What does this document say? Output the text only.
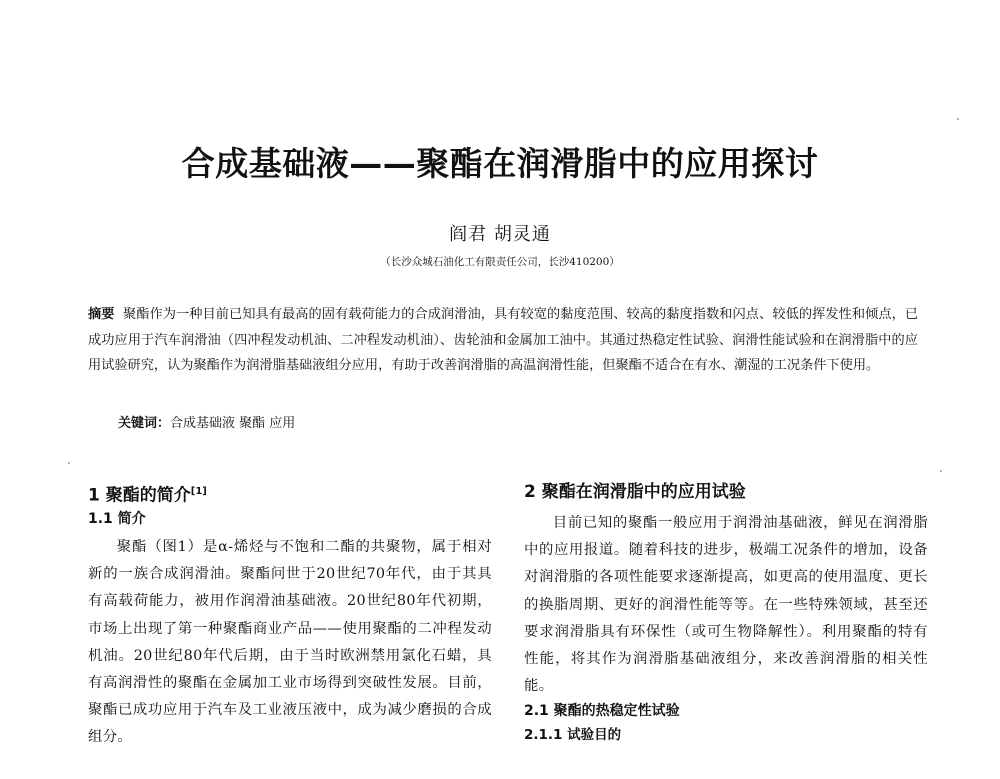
合成基础液——聚酯在润滑脂中的应用探讨
阎君 胡灵通
（长沙众城石油化工有限责任公司，长沙410200）

摘要 聚酯作为一种目前已知具有最高的固有载荷能力的合成润滑油，具有较宽的黏度范围、较高的黏度指数和闪点、较低的挥发性和倾点，已成功应用于汽车润滑油（四冲程发动机油、二冲程发动机油）、齿轮油和金属加工油中。其通过热稳定性试验、润滑性能试验和在润滑脂中的应用试验研究，认为聚酯作为润滑脂基础液组分应用，有助于改善润滑脂的高温润滑性能，但聚酯不适合在有水、潮湿的工况条件下使用。

关键词：合成基础液 聚酯 应用
1 聚酯的简介[1]
1.1 简介

聚酯（图1）是α-烯烃与不饱和二酯的共聚物，属于相对新的一族合成润滑油。聚酯问世于20世纪70年代，由于其具有高载荷能力，被用作润滑油基础液。20世纪80年代初期，市场上出现了第一种聚酯商业产品——使用聚酯的二冲程发动机油。20世纪80年代后期，由于当时欧洲禁用氯化石蜡，具有高润滑性的聚酯在金属加工业市场得到突破性发展。目前，聚酯已成功应用于汽车及工业液压液中，成为减少磨损的合成组分。

2 聚酯在润滑脂中的应用试验

目前已知的聚酯一般应用于润滑油基础液，鲜见在润滑脂中的应用报道。随着科技的进步，极端工况条件的增加，设备对润滑脂的各项性能要求逐渐提高，如更高的使用温度、更长的换脂周期、更好的润滑性能等等。在一些特殊领域，甚至还要求润滑脂具有环保性（或可生物降解性）。利用聚酯的特有性能，将其作为润滑脂基础液组分，来改善润滑脂的相关性能。

2.1 聚酯的热稳定性试验
2.1.1 试验目的
